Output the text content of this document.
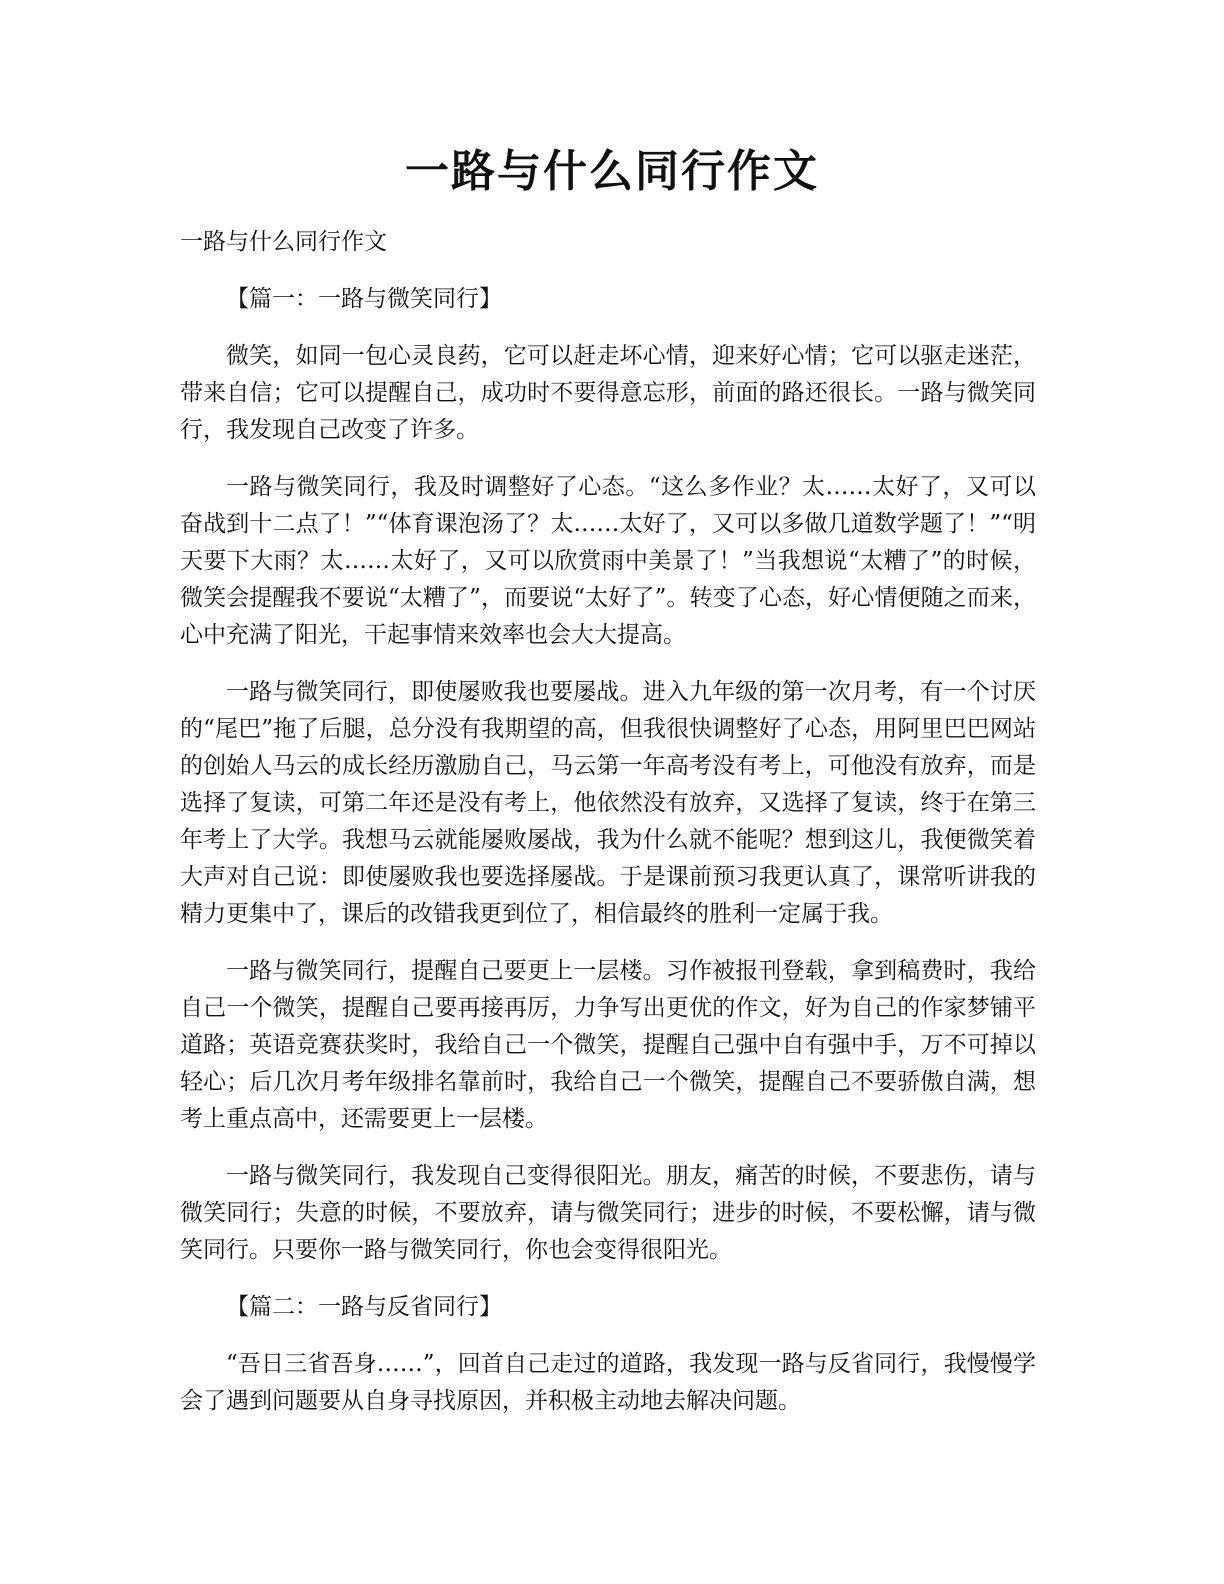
一路与什么同行作文

一路与什么同行作文

【篇一：一路与微笑同行】

微笑，如同一包心灵良药，它可以赶走坏心情，迎来好心情；它可以驱走迷茫，带来自信；它可以提醒自己，成功时不要得意忘形，前面的路还很长。一路与微笑同行，我发现自己改变了许多。

一路与微笑同行，我及时调整好了心态。“这么多作业？太……太好了，又可以奋战到十二点了！”“体育课泡汤了？太……太好了，又可以多做几道数学题了！”“明天要下大雨？太……太好了，又可以欣赏雨中美景了！”当我想说“太糟了”的时候，微笑会提醒我不要说“太糟了”，而要说“太好了”。转变了心态，好心情便随之而来，心中充满了阳光，干起事情来效率也会大大提高。

一路与微笑同行，即使屡败我也要屡战。进入九年级的第一次月考，有一个讨厌的“尾巴”拖了后腿，总分没有我期望的高，但我很快调整好了心态，用阿里巴巴网站的创始人马云的成长经历激励自己，马云第一年高考没有考上，可他没有放弃，而是选择了复读，可第二年还是没有考上，他依然没有放弃，又选择了复读，终于在第三年考上了大学。我想马云就能屡败屡战，我为什么就不能呢？想到这儿，我便微笑着大声对自己说：即使屡败我也要选择屡战。于是课前预习我更认真了，课常听讲我的精力更集中了，课后的改错我更到位了，相信最终的胜利一定属于我。

一路与微笑同行，提醒自己要更上一层楼。习作被报刊登载，拿到稿费时，我给自己一个微笑，提醒自己要再接再厉，力争写出更优的作文，好为自己的作家梦铺平道路；英语竞赛获奖时，我给自己一个微笑，提醒自己强中自有强中手，万不可掉以轻心；后几次月考年级排名靠前时，我给自己一个微笑，提醒自己不要骄傲自满，想考上重点高中，还需要更上一层楼。

一路与微笑同行，我发现自己变得很阳光。朋友，痛苦的时候，不要悲伤，请与微笑同行；失意的时候，不要放弃，请与微笑同行；进步的时候，不要松懈，请与微笑同行。只要你一路与微笑同行，你也会变得很阳光。

【篇二：一路与反省同行】

“吾日三省吾身……”，回首自己走过的道路，我发现一路与反省同行，我慢慢学会了遇到问题要从自身寻找原因，并积极主动地去解决问题。
